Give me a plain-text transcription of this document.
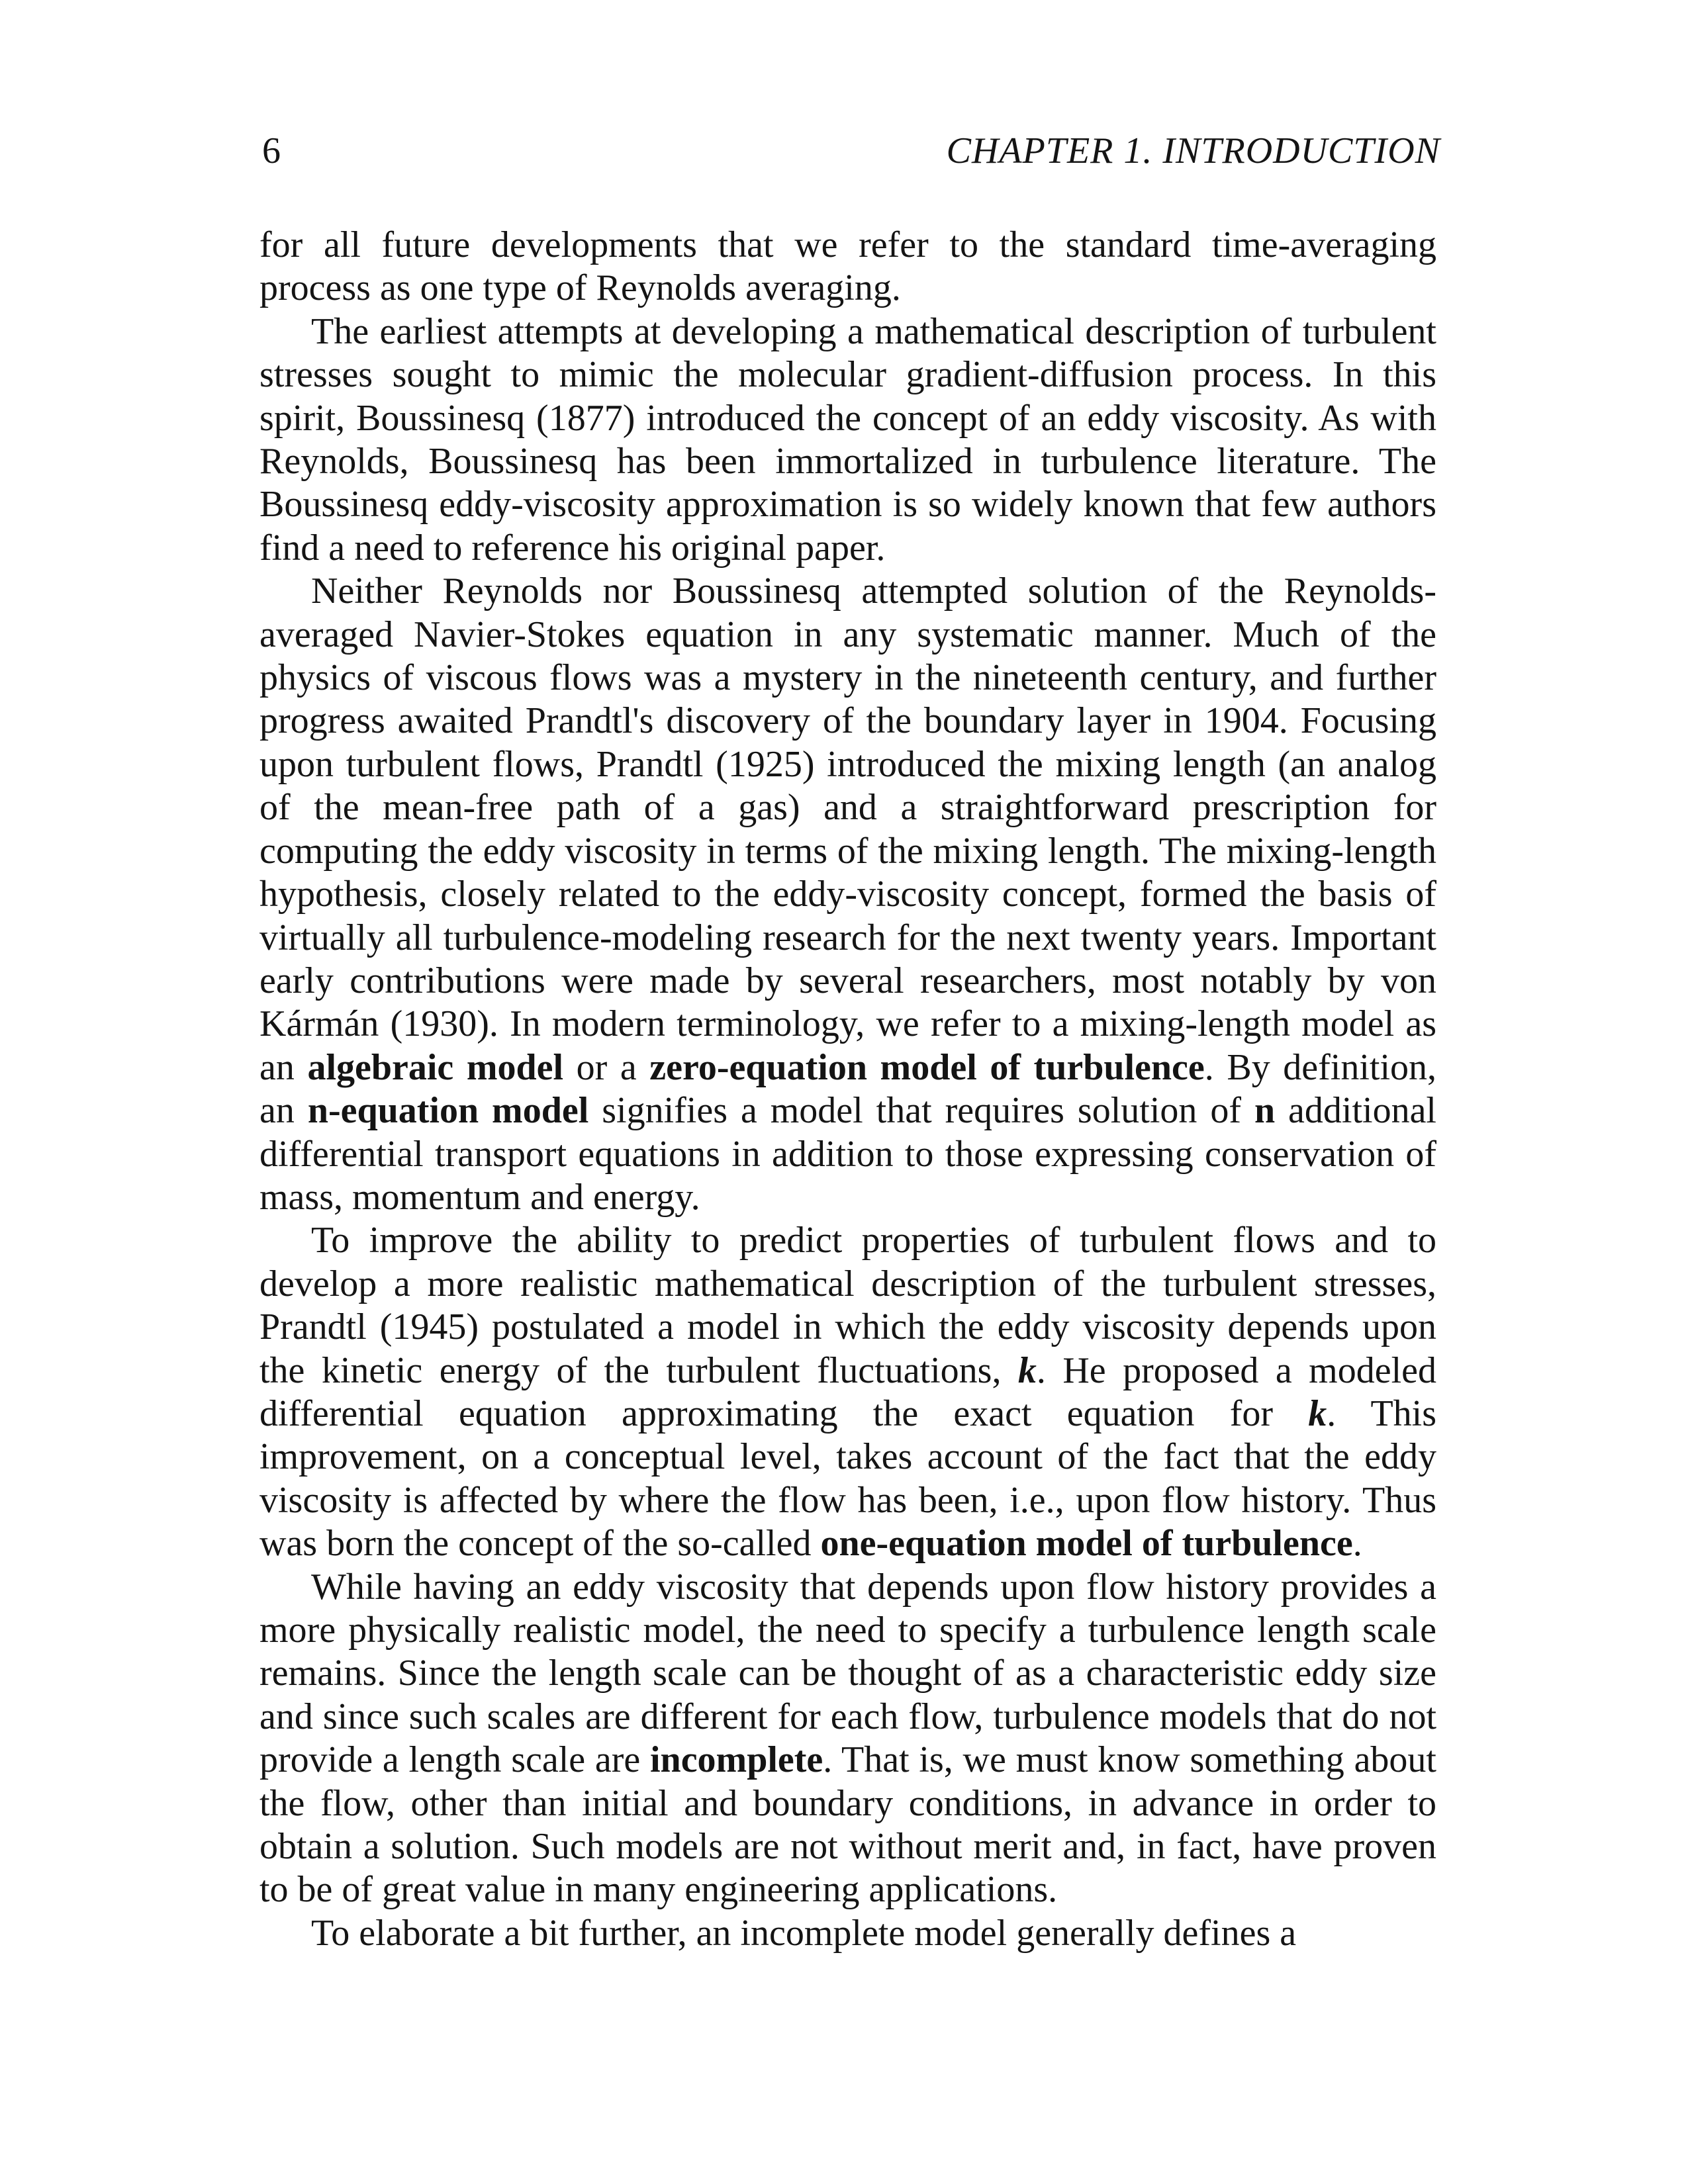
6	CHAPTER 1. INTRODUCTION

for all future developments that we refer to the standard time-averaging process as one type of Reynolds averaging.

The earliest attempts at developing a mathematical description of turbulent stresses sought to mimic the molecular gradient-diffusion process. In this spirit, Boussinesq (1877) introduced the concept of an eddy viscosity. As with Reynolds, Boussinesq has been immortalized in turbulence literature. The Boussinesq eddy-viscosity approximation is so widely known that few authors find a need to reference his original paper.

Neither Reynolds nor Boussinesq attempted solution of the Reynolds-averaged Navier-Stokes equation in any systematic manner. Much of the physics of viscous flows was a mystery in the nineteenth century, and further progress awaited Prandtl's discovery of the boundary layer in 1904. Focusing upon turbulent flows, Prandtl (1925) introduced the mixing length (an analog of the mean-free path of a gas) and a straightforward prescription for computing the eddy viscosity in terms of the mixing length. The mixing-length hypothesis, closely related to the eddy-viscosity concept, formed the basis of virtually all turbulence-modeling research for the next twenty years. Important early contributions were made by several researchers, most notably by von Kármán (1930). In modern terminology, we refer to a mixing-length model as an algebraic model or a zero-equation model of turbulence. By definition, an n-equation model signifies a model that requires solution of n additional differential transport equations in addition to those expressing conservation of mass, momentum and energy.

To improve the ability to predict properties of turbulent flows and to develop a more realistic mathematical description of the turbulent stresses, Prandtl (1945) postulated a model in which the eddy viscosity depends upon the kinetic energy of the turbulent fluctuations, k. He proposed a modeled differential equation approximating the exact equation for k. This improvement, on a conceptual level, takes account of the fact that the eddy viscosity is affected by where the flow has been, i.e., upon flow history. Thus was born the concept of the so-called one-equation model of turbulence.

While having an eddy viscosity that depends upon flow history provides a more physically realistic model, the need to specify a turbulence length scale remains. Since the length scale can be thought of as a characteristic eddy size and since such scales are different for each flow, turbulence models that do not provide a length scale are incomplete. That is, we must know something about the flow, other than initial and boundary conditions, in advance in order to obtain a solution. Such models are not without merit and, in fact, have proven to be of great value in many engineering applications.

To elaborate a bit further, an incomplete model generally defines a
